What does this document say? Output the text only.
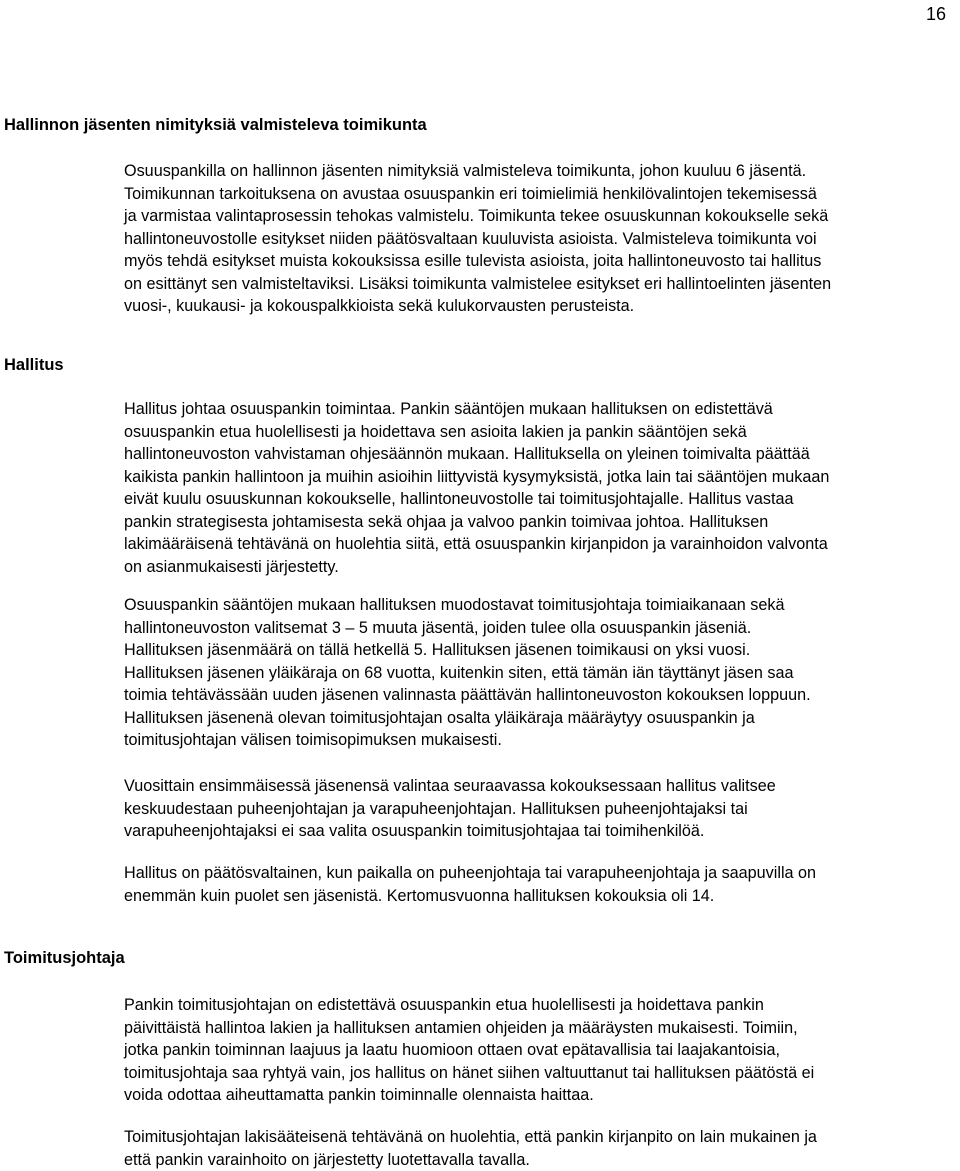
16
Hallinnon jäsenten nimityksiä valmisteleva toimikunta
Osuuspankilla on hallinnon jäsenten nimityksiä valmisteleva toimikunta, johon kuuluu 6 jäsentä.
Toimikunnan tarkoituksena on avustaa osuuspankin eri toimielimiä henkilövalintojen tekemisessä
ja varmistaa valintaprosessin tehokas valmistelu. Toimikunta tekee osuuskunnan kokoukselle sekä
hallintoneuvostolle esitykset niiden päätösvaltaan kuuluvista asioista. Valmisteleva toimikunta voi
myös tehdä esitykset muista kokouksissa esille tulevista asioista, joita hallintoneuvosto tai hallitus
on esittänyt sen valmisteltaviksi. Lisäksi toimikunta valmistelee esitykset eri hallintoelinten jäsenten
vuosi-, kuukausi- ja kokouspalkkioista sekä kulukorvausten perusteista.
Hallitus
Hallitus johtaa osuuspankin toimintaa. Pankin sääntöjen mukaan hallituksen on edistettävä
osuuspankin etua huolellisesti ja hoidettava sen asioita lakien ja pankin sääntöjen sekä
hallintoneuvoston vahvistaman ohjesäännön mukaan. Hallituksella on yleinen toimivalta päättää
kaikista pankin hallintoon ja muihin asioihin liittyvistä kysymyksistä, jotka lain tai sääntöjen mukaan
eivät kuulu osuuskunnan kokoukselle, hallintoneuvostolle tai toimitusjohtajalle. Hallitus vastaa
pankin strategisesta johtamisesta sekä ohjaa ja valvoo pankin toimivaa johtoa. Hallituksen
lakimääräisenä tehtävänä on huolehtia siitä, että osuuspankin kirjanpidon ja varainhoidon valvonta
on asianmukaisesti järjestetty.
Osuuspankin sääntöjen mukaan hallituksen muodostavat toimitusjohtaja toimiaikanaan sekä
hallintoneuvoston valitsemat 3 – 5 muuta jäsentä, joiden tulee olla osuuspankin jäseniä.
Hallituksen jäsenmäärä on tällä hetkellä 5. Hallituksen jäsenen toimikausi on yksi vuosi.
Hallituksen jäsenen yläikäraja on 68 vuotta, kuitenkin siten, että tämän iän täyttänyt jäsen saa
toimia tehtävässään uuden jäsenen valinnasta päättävän hallintoneuvoston kokouksen loppuun.
Hallituksen jäsenenä olevan toimitusjohtajan osalta yläikäraja määräytyy osuuspankin ja
toimitusjohtajan välisen toimisopimuksen mukaisesti.
Vuosittain ensimmäisessä jäsenensä valintaa seuraavassa kokouksessaan hallitus valitsee
keskuudestaan puheenjohtajan ja varapuheenjohtajan. Hallituksen puheenjohtajaksi tai
varapuheenjohtajaksi ei saa valita osuuspankin toimitusjohtajaa tai toimihenkilöä.
Hallitus on päätösvaltainen, kun paikalla on puheenjohtaja tai varapuheenjohtaja ja saapuvilla on
enemmän kuin puolet sen jäsenistä. Kertomusvuonna hallituksen kokouksia oli 14.
Toimitusjohtaja
Pankin toimitusjohtajan on edistettävä osuuspankin etua huolellisesti ja hoidettava pankin
päivittäistä hallintoa lakien ja hallituksen antamien ohjeiden ja määräysten mukaisesti. Toimiin,
jotka pankin toiminnan laajuus ja laatu huomioon ottaen ovat epätavallisia tai laajakantoisia,
toimitusjohtaja saa ryhtyä vain, jos hallitus on hänet siihen valtuuttanut tai hallituksen päätöstä ei
voida odottaa aiheuttamatta pankin toiminnalle olennaista haittaa.
Toimitusjohtajan lakisääteisenä tehtävänä on huolehtia, että pankin kirjanpito on lain mukainen ja
että pankin varainhoito on järjestetty luotettavalla tavalla.
